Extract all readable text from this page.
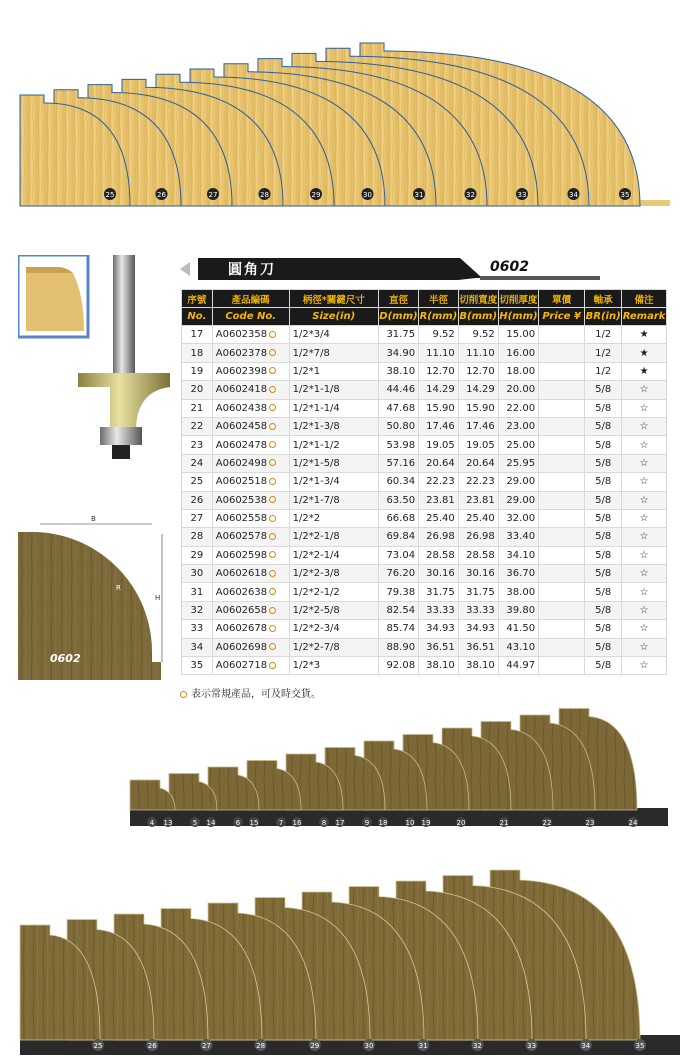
25	26	27	28	29	30	31	32	33	34	35
圓角刀	0602
序號	產品編碼	柄徑*關鍵尺寸	直徑	半徑	切削寬度	切削厚度	單價	軸承	備注
No.	Code No.	Size(in)	D(mm)	R(mm)	B(mm)	H(mm)	Price ¥	BR(in)	Remark
17	A0602358	1/2*3/4	31.75	9.52	9.52	15.00		1/2	★
18	A0602378	1/2*7/8	34.90	11.10	11.10	16.00		1/2	★
19	A0602398	1/2*1	38.10	12.70	12.70	18.00		1/2	★
20	A0602418	1/2*1-1/8	44.46	14.29	14.29	20.00		5/8	☆
21	A0602438	1/2*1-1/4	47.68	15.90	15.90	22.00		5/8	☆
22	A0602458	1/2*1-3/8	50.80	17.46	17.46	23.00		5/8	☆
23	A0602478	1/2*1-1/2	53.98	19.05	19.05	25.00		5/8	☆
24	A0602498	1/2*1-5/8	57.16	20.64	20.64	25.95		5/8	☆
25	A0602518	1/2*1-3/4	60.34	22.23	22.23	29.00		5/8	☆
26	A0602538	1/2*1-7/8	63.50	23.81	23.81	29.00		5/8	☆
27	A0602558	1/2*2	66.68	25.40	25.40	32.00		5/8	☆
28	A0602578	1/2*2-1/8	69.84	26.98	26.98	33.40		5/8	☆
29	A0602598	1/2*2-1/4	73.04	28.58	28.58	34.10		5/8	☆
30	A0602618	1/2*2-3/8	76.20	30.16	30.16	36.70		5/8	☆
31	A0602638	1/2*2-1/2	79.38	31.75	31.75	38.00		5/8	☆
32	A0602658	1/2*2-5/8	82.54	33.33	33.33	39.80		5/8	☆
33	A0602678	1/2*2-3/4	85.74	34.93	34.93	41.50		5/8	☆
34	A0602698	1/2*2-7/8	88.90	36.51	36.51	43.10		5/8	☆
35	A0602718	1/2*3	92.08	38.10	38.10	44.97		5/8	☆
B
H
R
0602
表示常規產品，可及時交貨。
4 13	5 14	6 15	7 16	8 17	9 18	10 19	20	21	22	23	24
25	26	27	28	29	30	31	32	33	34	35
